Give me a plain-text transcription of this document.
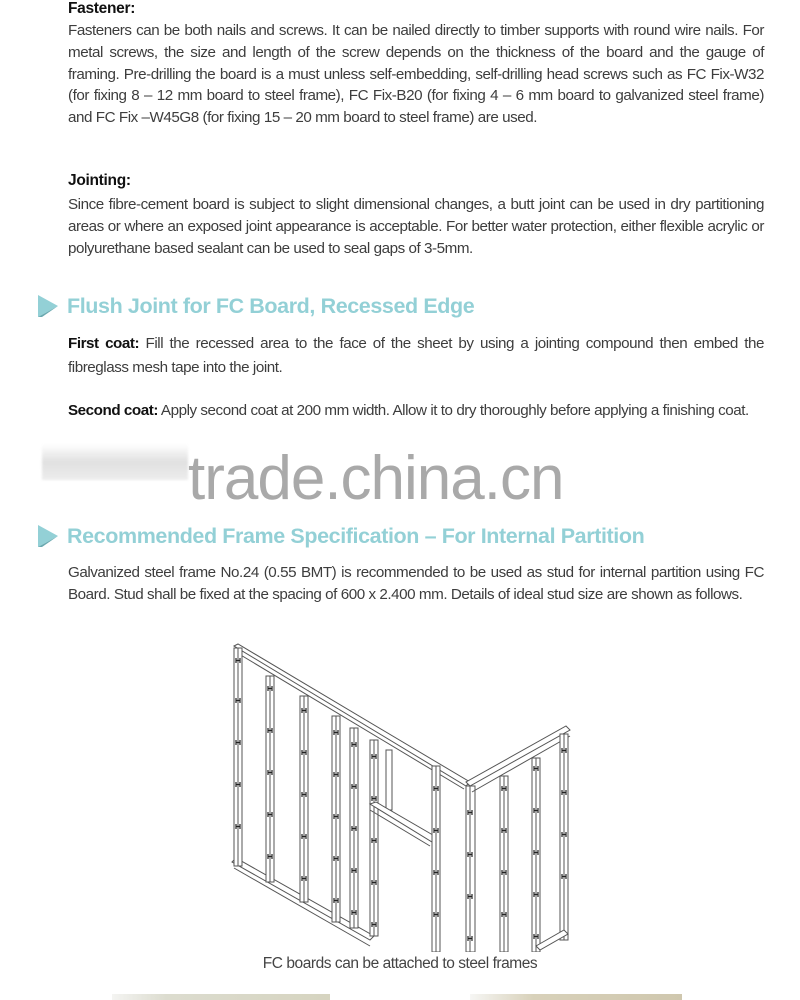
Fastener:

Fasteners can be both nails and screws. It can be nailed directly to timber supports with round wire nails. For metal screws, the size and length of the screw depends on the thickness of the board and the gauge of framing. Pre-drilling the board is a must unless self-embedding, self-drilling head screws such as FC Fix-W32 (for fixing 8 – 12 mm board to steel frame), FC Fix-B20 (for fixing 4 – 6 mm board to galvanized steel frame) and FC Fix –W45G8 (for fixing 15 – 20 mm board to steel frame) are used.

Jointing:

Since fibre-cement board is subject to slight dimensional changes, a butt joint can be used in dry partitioning areas or where an exposed joint appearance is acceptable. For better water protection, either flexible acrylic or polyurethane based sealant can be used to seal gaps of 3-5mm.

Flush Joint for FC Board, Recessed Edge

First coat: Fill the recessed area to the face of the sheet by using a jointing compound then embed the fibreglass mesh tape into the joint.

Second coat: Apply second coat at 200 mm width. Allow it to dry thoroughly before applying a finishing coat.

trade.china.cn
Recommended Frame Specification – For Internal Partition

Galvanized steel frame No.24 (0.55 BMT) is recommended to be used as stud for internal partition using FC Board. Stud shall be fixed at the spacing of 600 x 2.400 mm. Details of ideal stud size are shown as follows.

FC boards can be attached to steel frames
